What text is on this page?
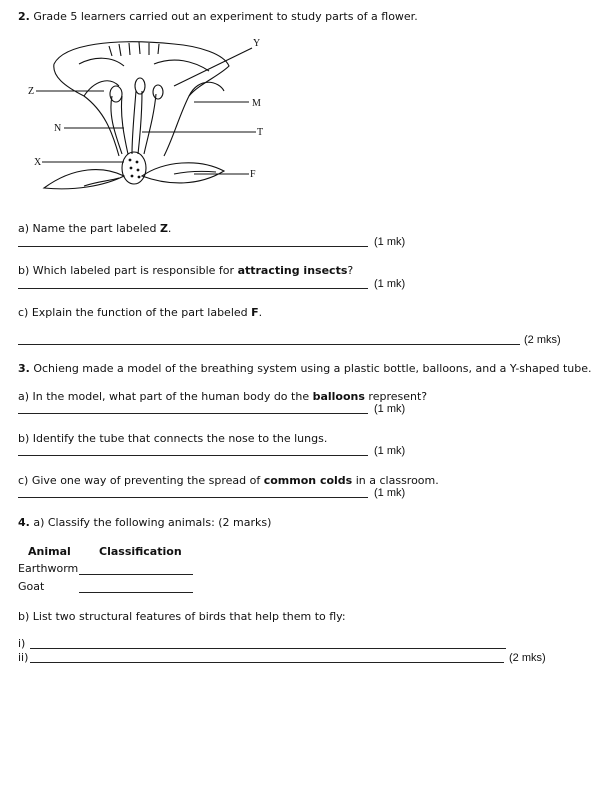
2. Grade 5 learners carried out an experiment to study parts of a flower.
Y
Z
M
N	T
X
F
a) Name the part labeled Z.
(1 mk)
b) Which labeled part is responsible for attracting insects?
(1 mk)
c) Explain the function of the part labeled F.
(2 mks)
3. Ochieng made a model of the breathing system using a plastic bottle, balloons, and a Y-shaped tube.
a) In the model, what part of the human body do the balloons represent?
(1 mk)
b) Identify the tube that connects the nose to the lungs.
(1 mk)
c) Give one way of preventing the spread of common colds in a classroom.
(1 mk)
4. a) Classify the following animals: (2 marks)
Animal	Classification
Earthworm
Goat
b) List two structural features of birds that help them to fly:
i)
ii)	(2 mks)
